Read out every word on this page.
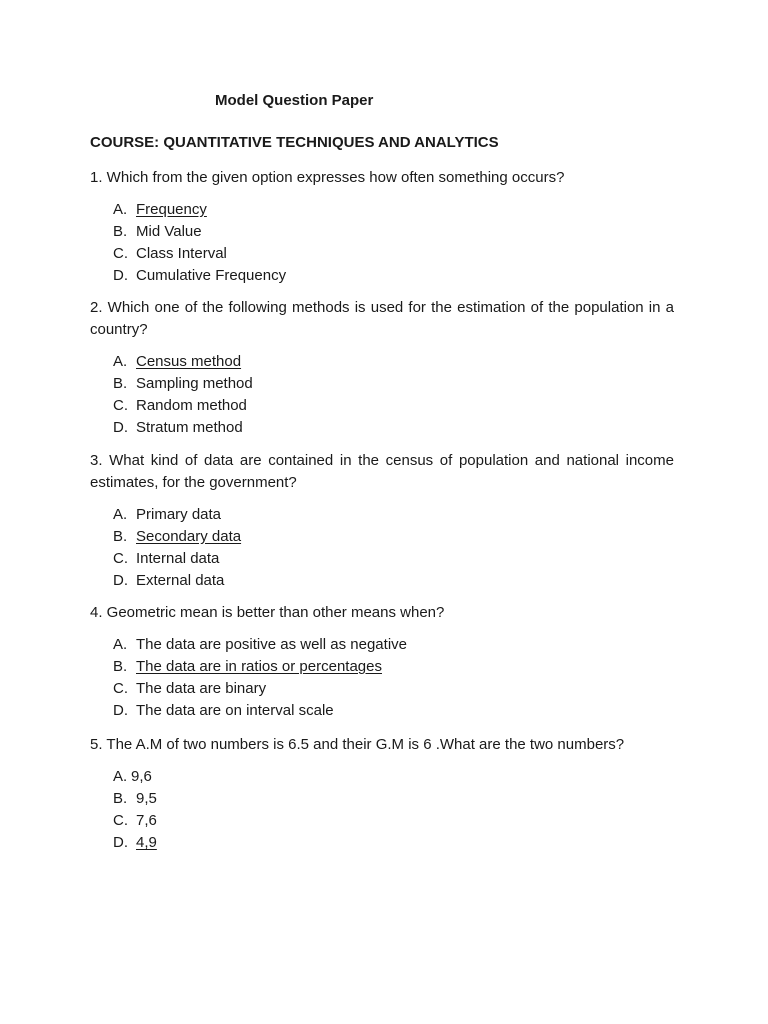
Model Question Paper
COURSE: QUANTITATIVE TECHNIQUES AND ANALYTICS

1. Which from the given option expresses how often something occurs?

A. Frequency
B. Mid Value
C. Class Interval
D. Cumulative Frequency

2. Which one of the following methods is used for the estimation of the population in a country?

A. Census method
B. Sampling method
C. Random method
D. Stratum method

3. What kind of data are contained in the census of population and national income estimates, for the government?

A. Primary data
B. Secondary data
C. Internal data
D. External data

4. Geometric mean is better than other means when?

A. The data are positive as well as negative
B. The data are in ratios or percentages
C. The data are binary
D. The data are on interval scale

5. The A.M of two numbers is 6.5 and their G.M is 6 .What are the two numbers?

A. 9,6
B. 9,5
C. 7,6
D. 4,9
